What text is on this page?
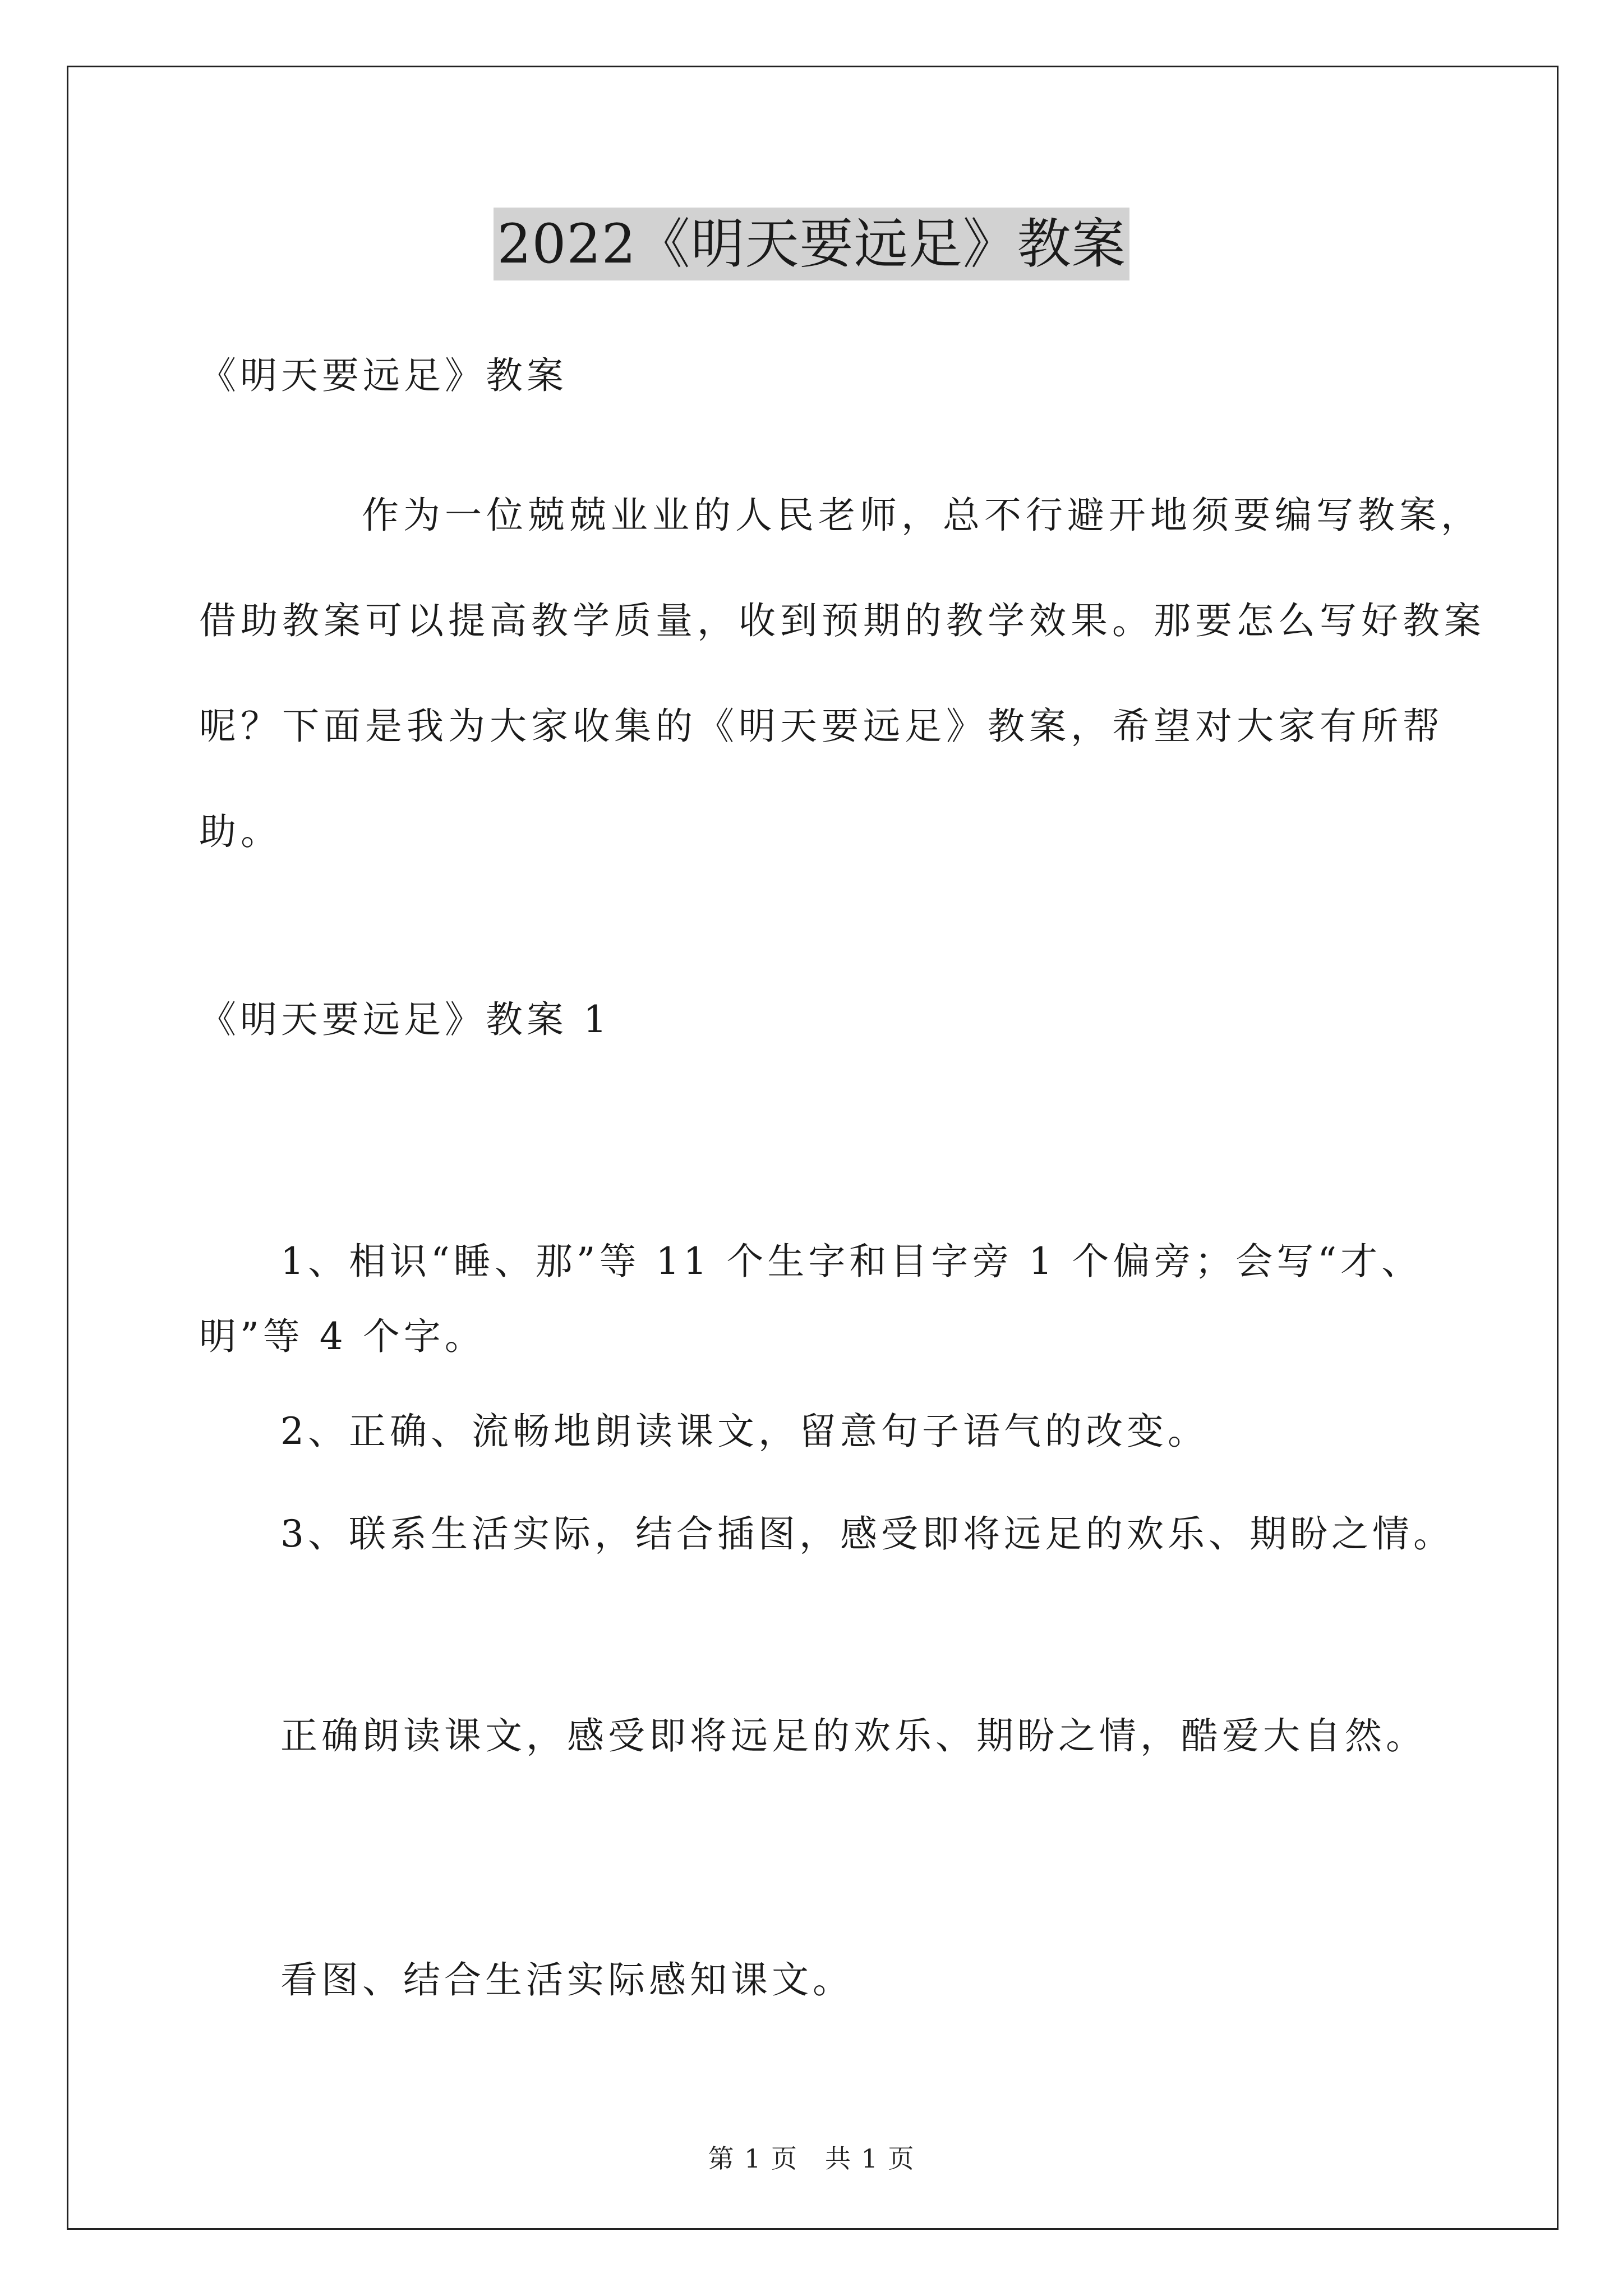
2022《明天要远足》教案
《明天要远足》教案
作为一位兢兢业业的人民老师，总不行避开地须要编写教案，借助教案可以提高教学质量，收到预期的教学效果。那要怎么写好教案呢？下面是我为大家收集的《明天要远足》教案，希望对大家有所帮助。
《明天要远足》教案 1
1、相识“睡、那”等 11 个生字和目字旁 1 个偏旁；会写“才、
明”等 4 个字。
2、正确、流畅地朗读课文，留意句子语气的改变。
3、联系生活实际，结合插图，感受即将远足的欢乐、期盼之情。
正确朗读课文，感受即将远足的欢乐、期盼之情，酷爱大自然。
看图、结合生活实际感知课文。
第 1 页　共 1 页
